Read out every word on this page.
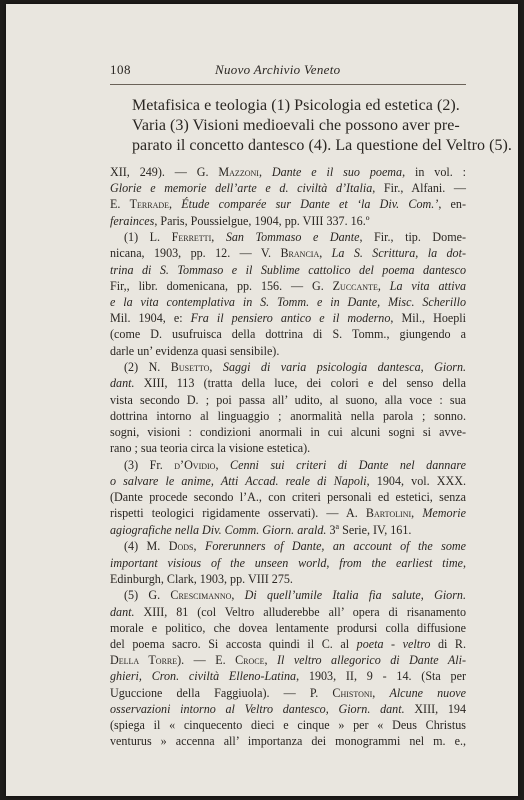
108	Nuovo Archivio Veneto
Metafisica e teologia (1) Psicologia ed estetica (2).
Varia (3) Visioni medioevali che possono aver pre-
parato il concetto dantesco (4). La questione del Veltro (5).
XII, 249). — G. Mazzoni, Dante e il suo poema, in vol. :
Glorie e memorie dell’arte e d. civiltà d’Italia, Fir., Alfani. —
E. Terrade, Étude comparée sur Dante et ‘la Div. Com.’, en-
ferainces, Paris, Poussielgue, 1904, pp. VIII 337. 16.º
(1) L. Ferretti, San Tommaso e Dante, Fir., tip. Dome-
nicana, 1903, pp. 12. — V. Brancia, La S. Scrittura, la dot-
trina di S. Tommaso e il Sublime cattolico del poema dantesco
Fir,, libr. domenicana, pp. 156. — G. Zuccante, La vita attiva
e la vita contemplativa in S. Tomm. e in Dante, Misc. Scherillo
Mil. 1904, e: Fra il pensiero antico e il moderno, Mil., Hoepli
(come D. usufruisca della dottrina di S. Tomm., giungendo a
darle un’ evidenza quasi sensibile).
(2) N. Busetto, Saggi di varia psicologia dantesca, Giorn.
dant. XIII, 113 (tratta della luce, dei colori e del senso della
vista secondo D. ; poi passa all’ udito, al suono, alla voce : sua
dottrina intorno al linguaggio ; anormalità nella parola ; sonno.
sogni, visioni : condizioni anormali in cui alcuni sogni si avve-
rano ; sua teoria circa la visione estetica).
(3) Fr. d’Ovidio, Cenni sui criteri di Dante nel dannare
o salvare le anime, Atti Accad. reale di Napoli, 1904, vol. XXX.
(Dante procede secondo l’A., con criteri personali ed estetici, senza
rispetti teologici rigidamente osservati). — A. Bartolini, Memorie
agiografiche nella Div. Comm. Giorn. arald. 3$^a$ Serie, IV, 161.
(4) M. Dods, Forerunners of Dante, an account of the some
important visious of the unseen world, from the earliest time,
Edinburgh, Clark, 1903, pp. VIII 275.
(5) G. Crescimanno, Di quell’umile Italia fia salute, Giorn.
dant. XIII, 81 (col Veltro alluderebbe all’ opera di risanamento
morale e politico, che dovea lentamente prodursi colla diffusione
del poema sacro. Si accosta quindi il C. al poeta - veltro di R.
Della Torre). — E. Croce, Il veltro allegorico di Dante Ali-
ghieri, Cron. civiltà Elleno-Latina, 1903, II, 9 - 14. (Sta per
Uguccione della Faggiuola). — P. Chistoni, Alcune nuove
osservazioni intorno al Veltro dantesco, Giorn. dant. XIII, 194
(spiega il « cinquecento dieci e cinque » per « Deus Christus
venturus » accenna all’ importanza dei monogrammi nel m. e.,
